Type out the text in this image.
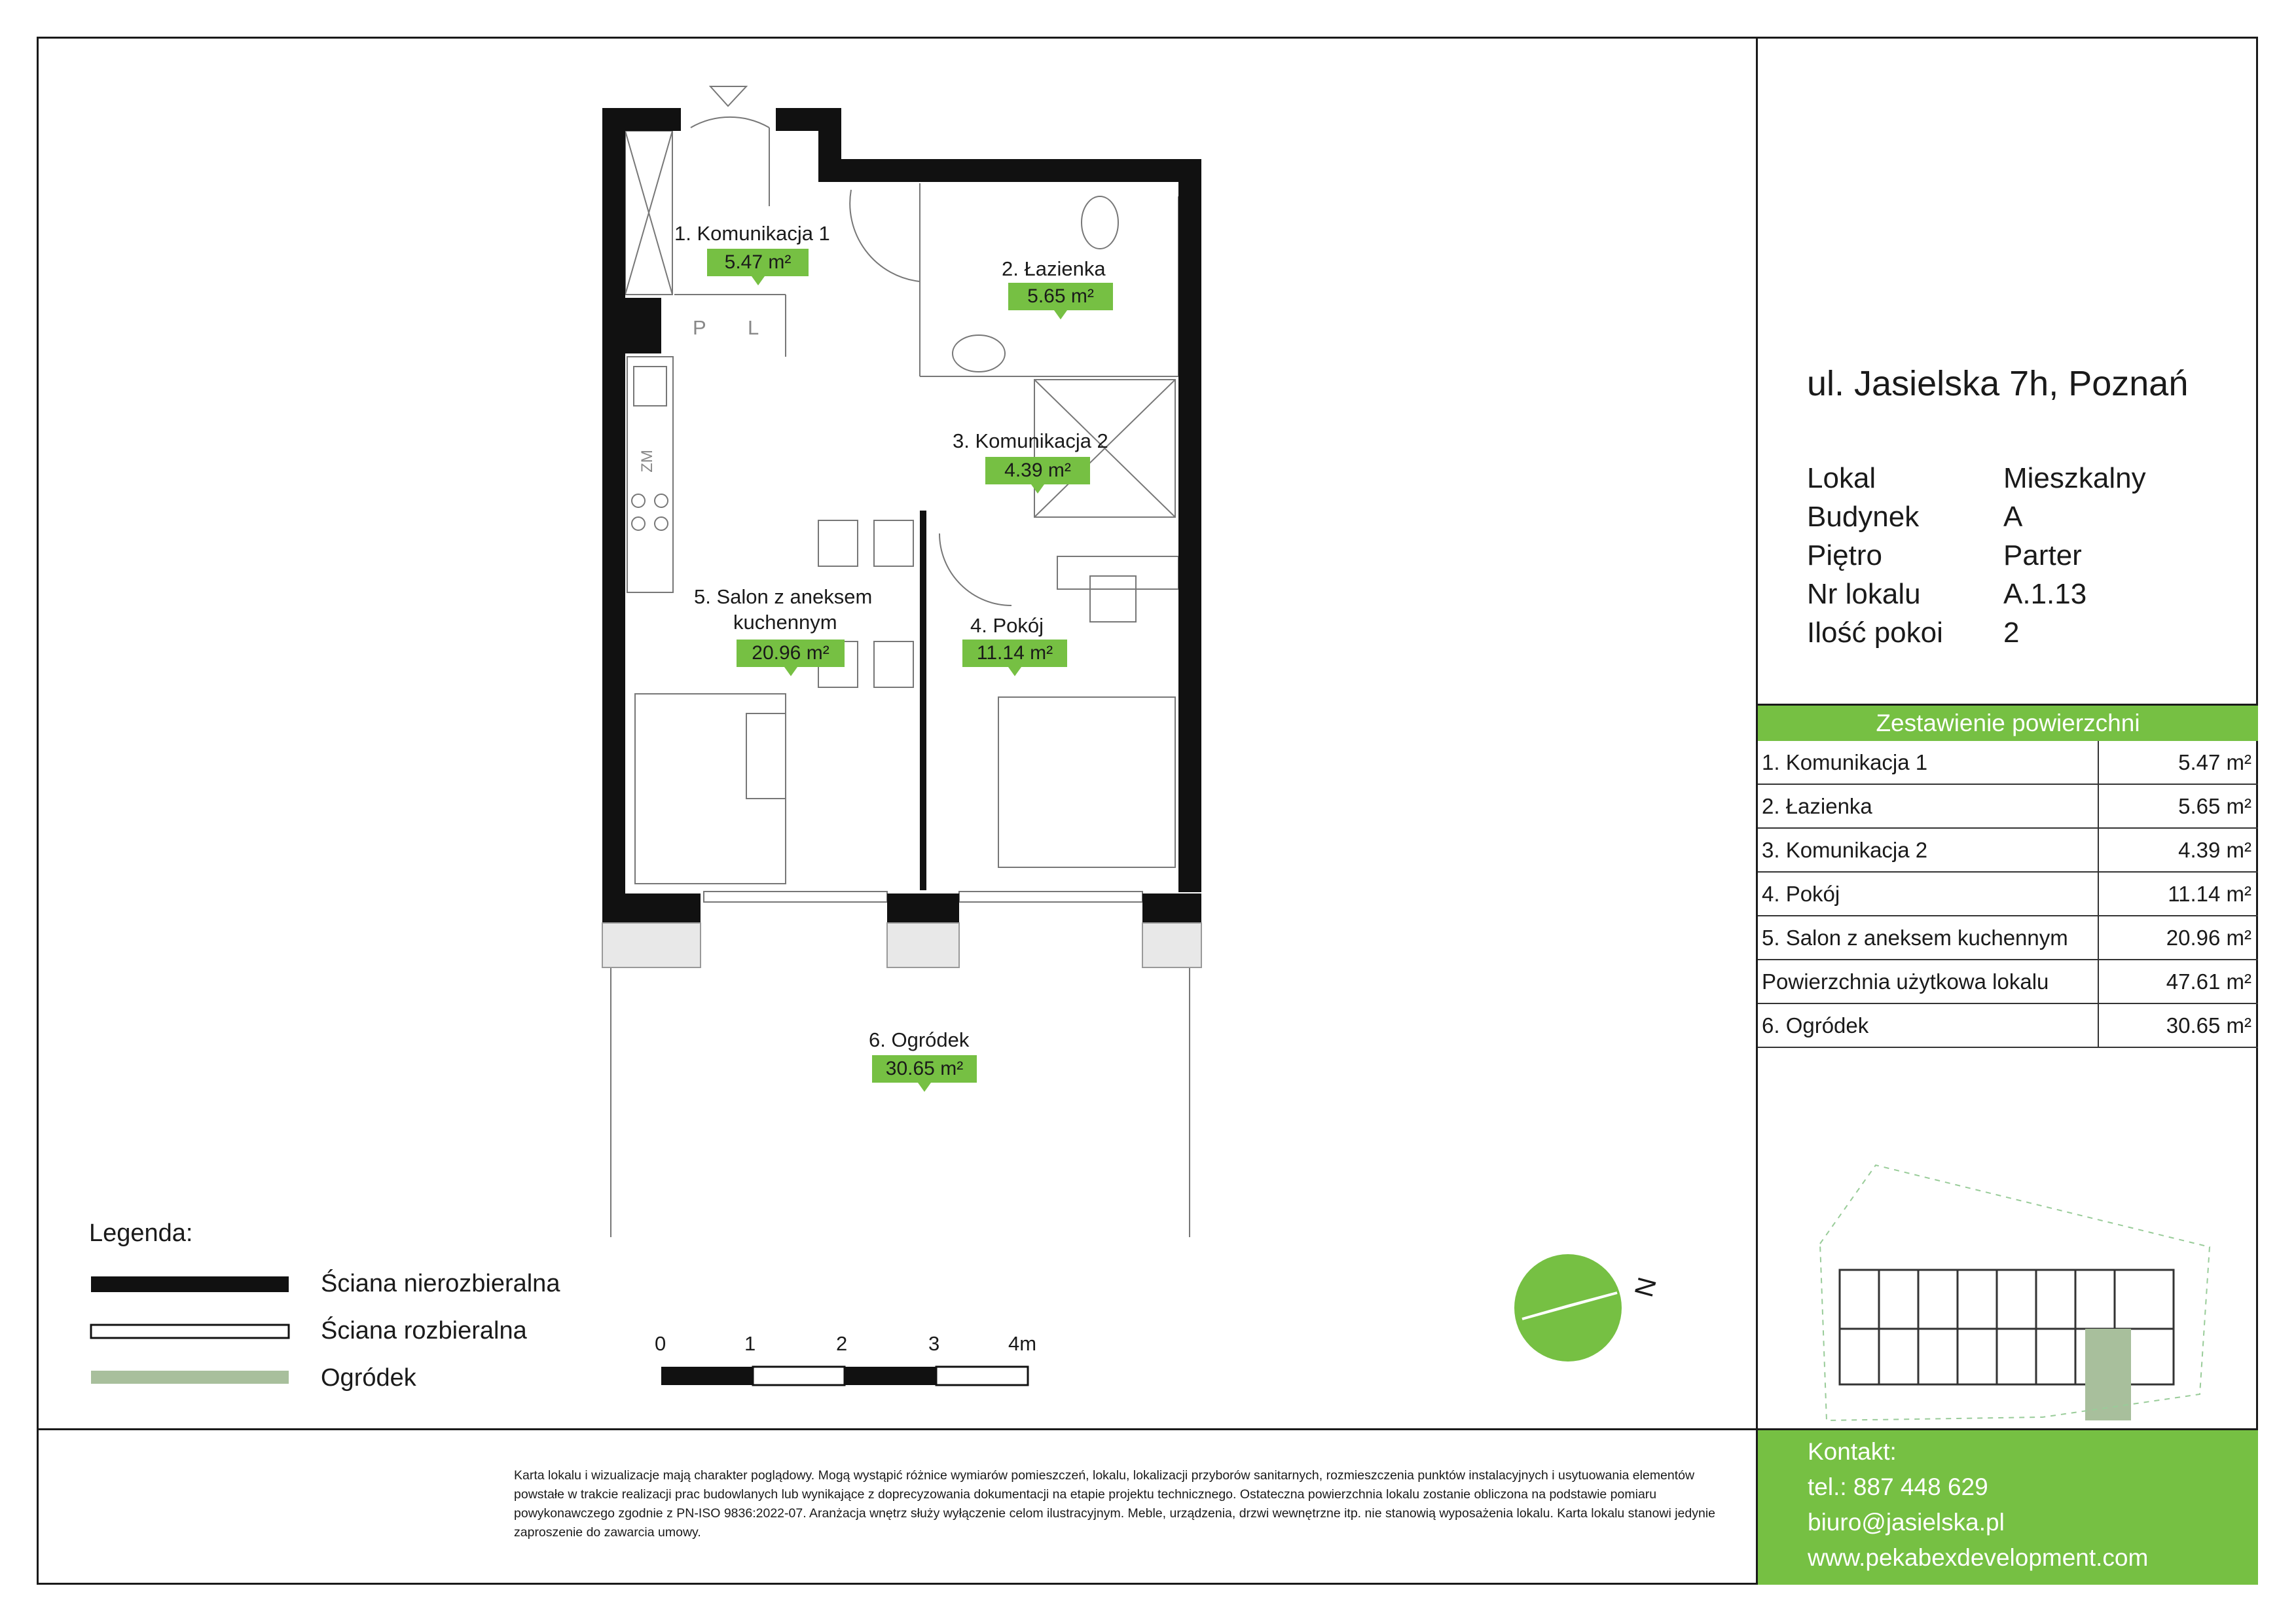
1. Komunikacja 1
5.47 m²	2. Łazienka
5.65 m²
3. Komunikacja 2
4.39 m²
5. Salon z aneksem
kuchennym
20.96 m²
4. Pokój
11.14 m²
6. Ogródek
30.65 m²
P L
ZM
ul. Jasielska 7h, Poznań
Lokal	Mieszkalny
Budynek	A
Piętro	Parter
Nr lokalu	A.1.13
Ilość pokoi 2
Zestawienie powierzchni
1. Komunikacja 1	5.47 m²
2. Łazienka	5.65 m²
3. Komunikacja 2	4.39 m²
4. Pokój	11.14 m²
5. Salon z aneksem kuchennym	20.96 m²
Powierzchnia użytkowa lokalu	47.61 m²
6. Ogródek	30.65 m²
Legenda:
Ściana nierozbieralna
Ściana rozbieralna
Ogródek
0	1	2	3	4m
N
Karta lokalu i wizualizacje mają charakter poglądowy. Mogą wystąpić różnice wymiarów pomieszczeń, lokalu, lokalizacji przyborów sanitarnych, rozmieszczenia punktów instalacyjnych i usytuowania elementów powstałe w trakcie realizacji prac budowlanych lub wynikające z doprecyzowania dokumentacji na etapie projektu technicznego. Ostateczna powierzchnia lokalu zostanie obliczona na podstawie pomiaru powykonawczego zgodnie z PN-ISO 9836:2022-07. Aranżacja wnętrz służy wyłączenie celom ilustracyjnym. Meble, urządzenia, drzwi wewnętrzne itp. nie stanowią wyposażenia lokalu. Karta lokalu stanowi jedynie zaproszenie do zawarcia umowy.
Kontakt:
tel.: 887 448 629
biuro@jasielska.pl
www.pekabexdevelopment.com
